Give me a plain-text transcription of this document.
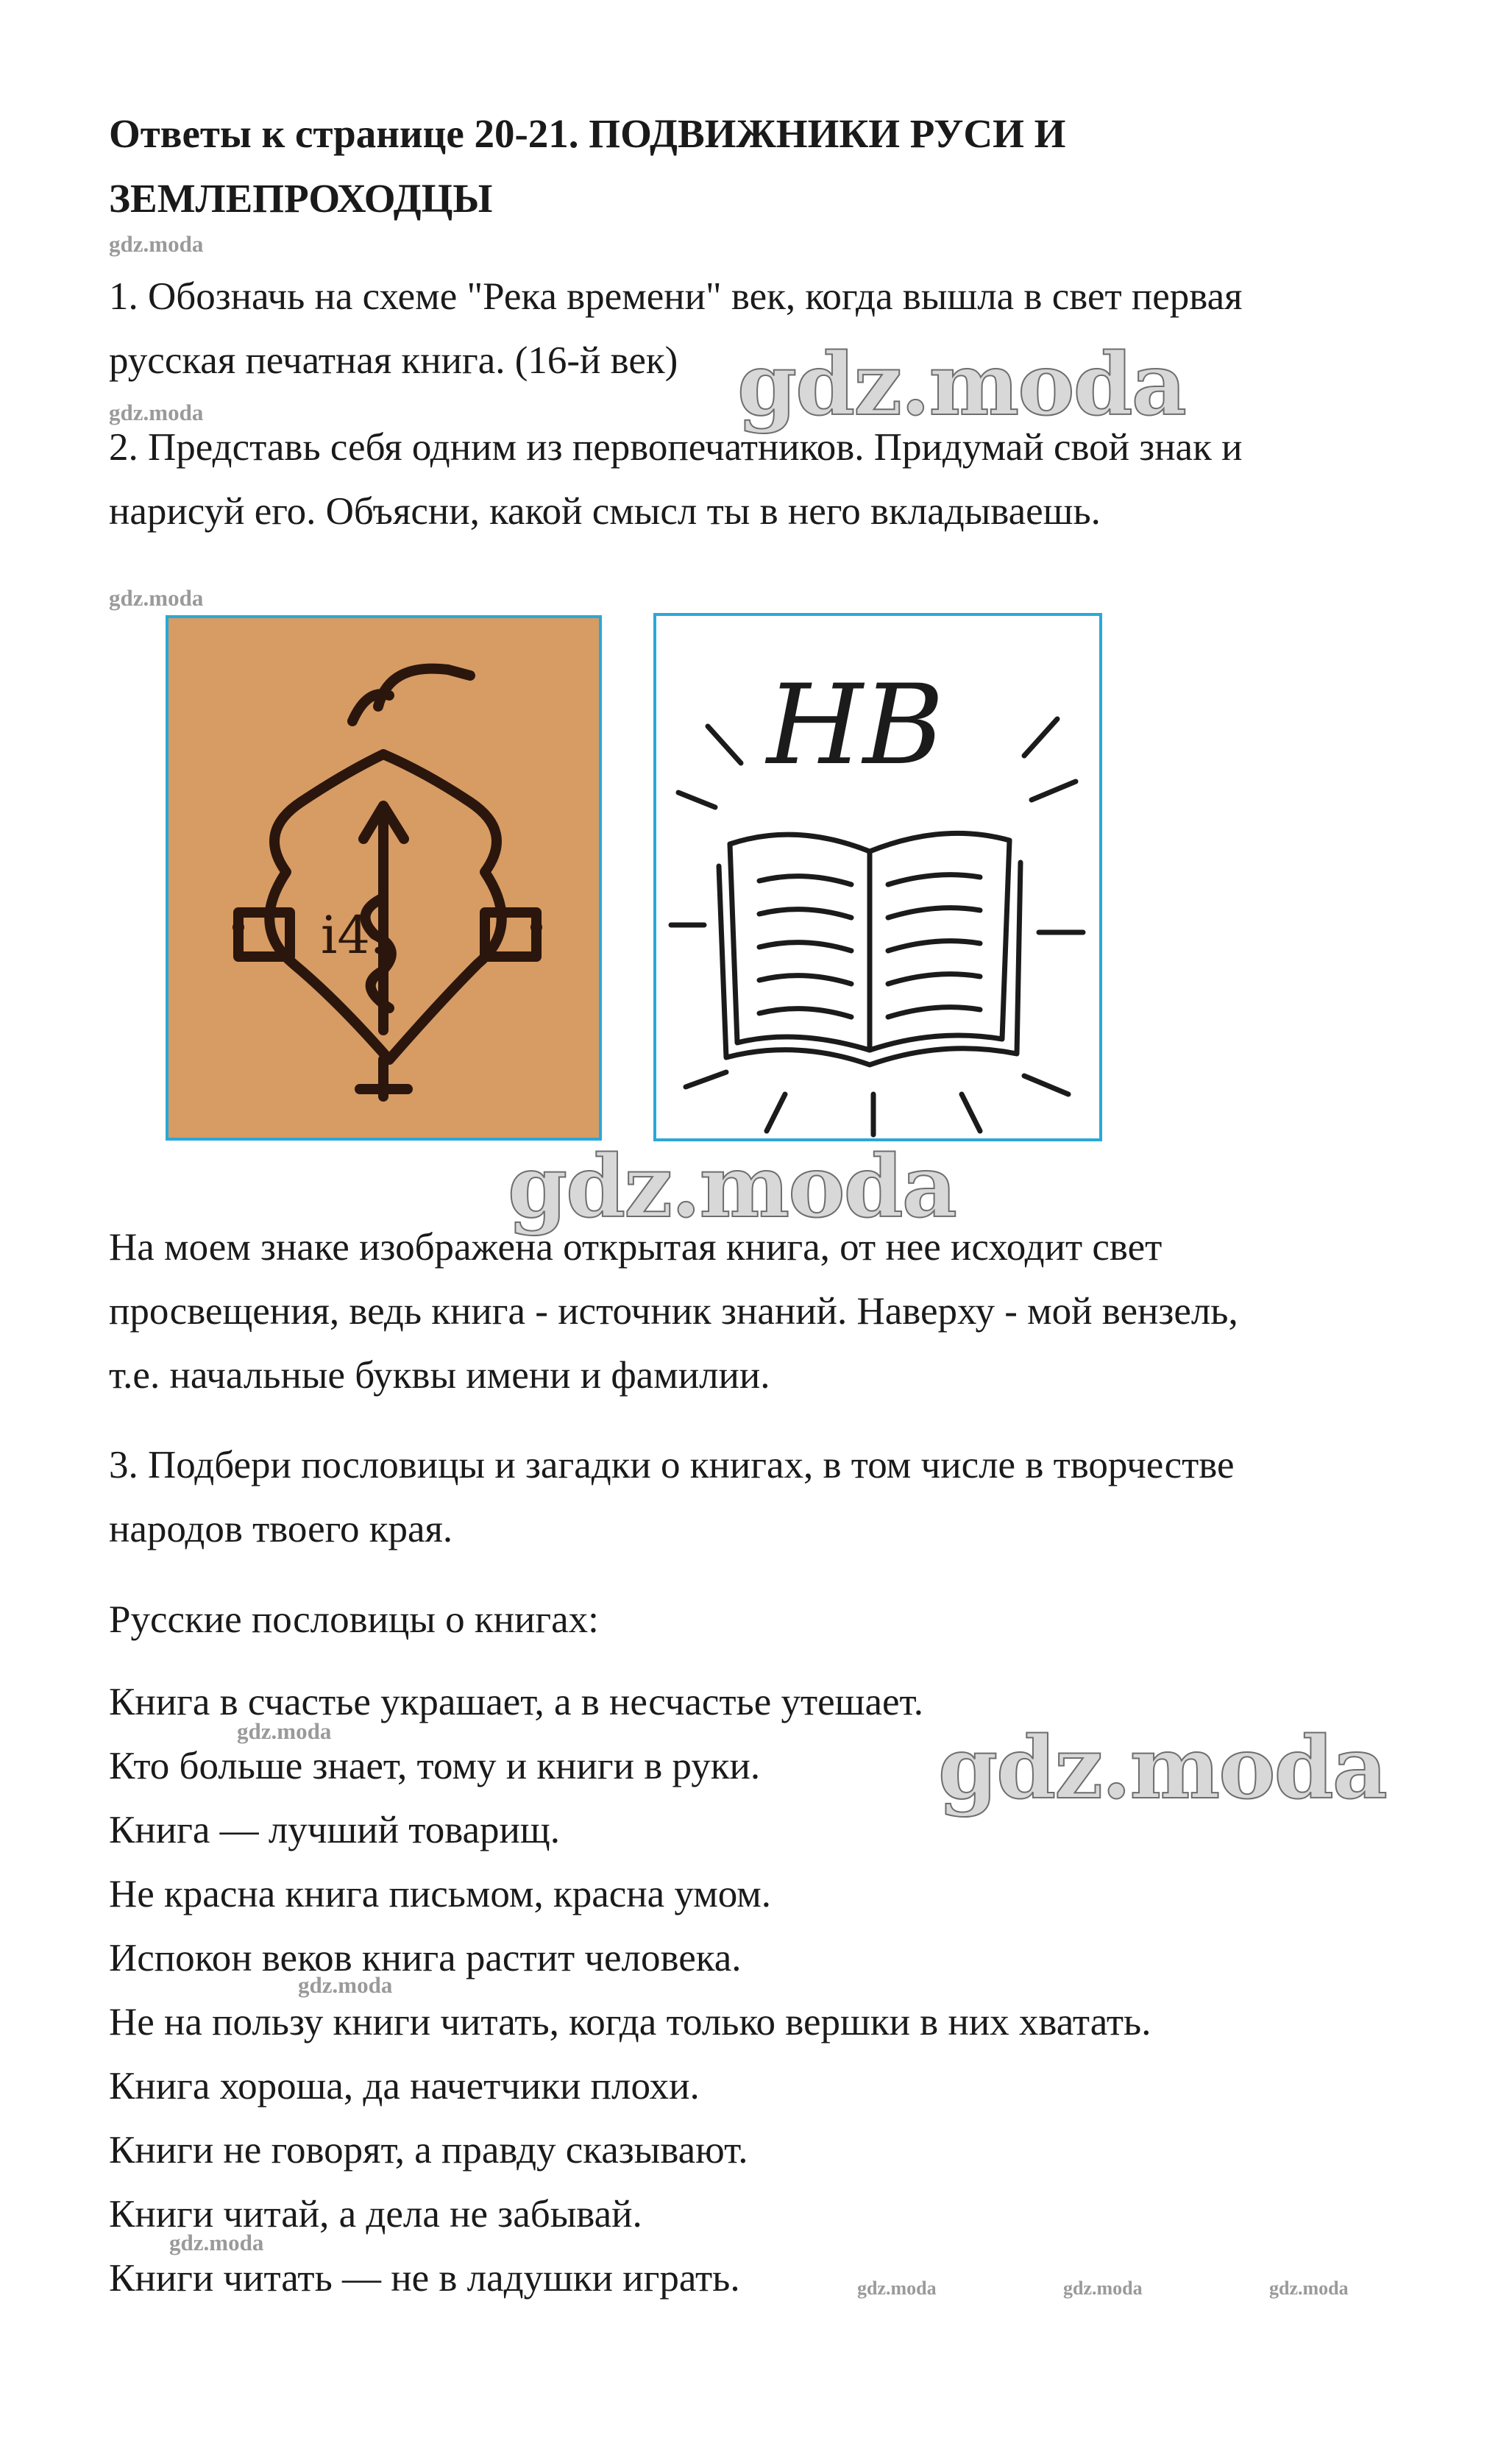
Ответы к странице 20-21. ПОДВИЖНИКИ РУСИ И
ЗЕМЛЕПРОХОДЦЫ
gdz.moda
1. Обозначь на схеме "Река времени" век, когда вышла в свет первая
русская печатная книга. (16-й век) gdz.moda
gdz.moda
2. Представь себя одним из первопечатников. Придумай свой знак и
нарисуй его. Объясни, какой смысл ты в него вкладываешь.
gdz.moda
і4.
НВ
gdz.moda
На моем знаке изображена открытая книга, от нее исходит свет
просвещения, ведь книга - источник знаний. Наверху - мой вензель,
т.е. начальные буквы имени и фамилии.
3. Подбери пословицы и загадки о книгах, в том числе в творчестве
народов твоего края.
Русские пословицы о книгах:
Книга в счастье украшает, а в несчастье утешает.
Кто больше знает, тому и книги в руки.
Книга — лучший товарищ.
Не красна книга письмом, красна умом.
Испокон веков книга растит человека.
Не на пользу книги читать, когда только вершки в них хватать.
Книга хороша, да начетчики плохи.
Книги не говорят, а правду сказывают.
Книги читай, а дела не забывай.
Книги читать — не в ладушки играть.
gdz.moda	gdz.moda
gdz.moda
gdz.moda
gdz.moda	gdz.moda	gdz.moda
